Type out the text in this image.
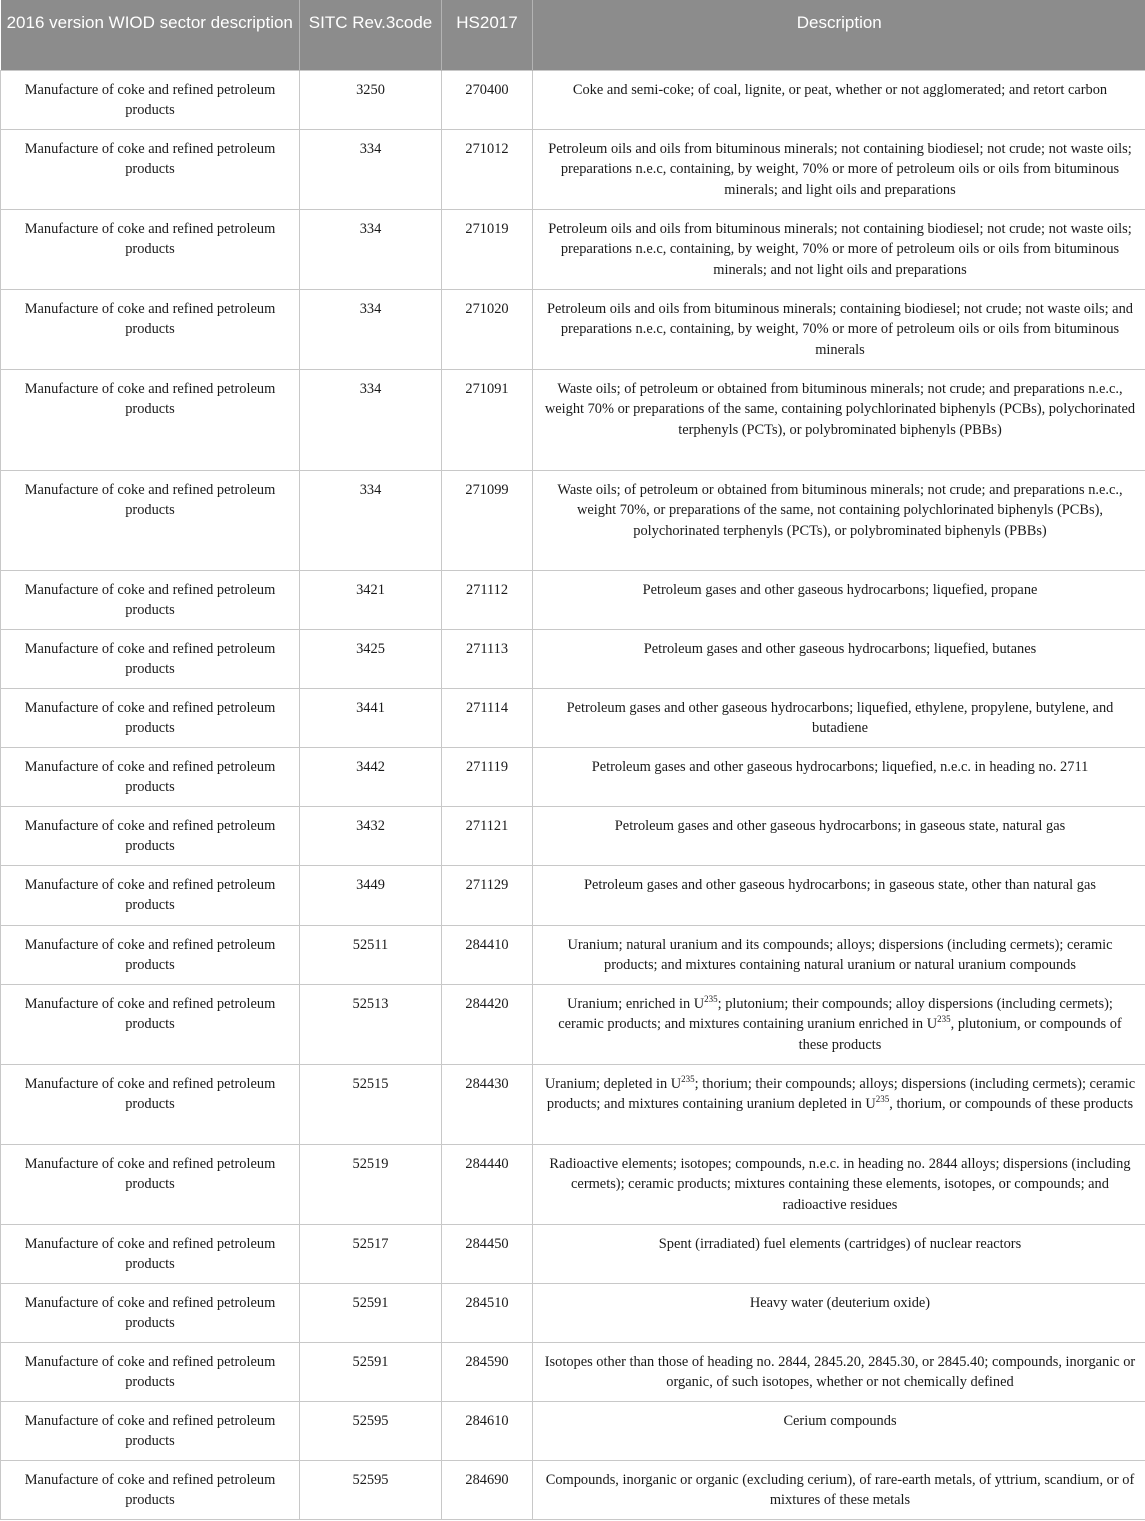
2016 version WIOD sector description	SITC Rev.3code	HS2017	Description
Manufacture of coke and refined petroleum products	3250	270400	Coke and semi-coke; of coal, lignite, or peat, whether or not agglomerated; and retort carbon
Manufacture of coke and refined petroleum products	334	271012	Petroleum oils and oils from bituminous minerals; not containing biodiesel; not crude; not waste oils; preparations n.e.c, containing, by weight, 70% or more of petroleum oils or oils from bituminous minerals; and light oils and preparations
Manufacture of coke and refined petroleum products	334	271019	Petroleum oils and oils from bituminous minerals; not containing biodiesel; not crude; not waste oils; preparations n.e.c, containing, by weight, 70% or more of petroleum oils or oils from bituminous minerals; and not light oils and preparations
Manufacture of coke and refined petroleum products	334	271020	Petroleum oils and oils from bituminous minerals; containing biodiesel; not crude; not waste oils; and preparations n.e.c, containing, by weight, 70% or more of petroleum oils or oils from bituminous minerals
Manufacture of coke and refined petroleum products	334	271091	Waste oils; of petroleum or obtained from bituminous minerals; not crude; and preparations n.e.c., weight 70% or preparations of the same, containing polychlorinated biphenyls (PCBs), polychorinated terphenyls (PCTs), or polybrominated biphenyls (PBBs)
Manufacture of coke and refined petroleum products	334	271099	Waste oils; of petroleum or obtained from bituminous minerals; not crude; and preparations n.e.c., weight 70%, or preparations of the same, not containing polychlorinated biphenyls (PCBs), polychorinated terphenyls (PCTs), or polybrominated biphenyls (PBBs)
Manufacture of coke and refined petroleum products	3421	271112	Petroleum gases and other gaseous hydrocarbons; liquefied, propane
Manufacture of coke and refined petroleum products	3425	271113	Petroleum gases and other gaseous hydrocarbons; liquefied, butanes
Manufacture of coke and refined petroleum products	3441	271114	Petroleum gases and other gaseous hydrocarbons; liquefied, ethylene, propylene, butylene, and butadiene
Manufacture of coke and refined petroleum products	3442	271119	Petroleum gases and other gaseous hydrocarbons; liquefied, n.e.c. in heading no. 2711
Manufacture of coke and refined petroleum products	3432	271121	Petroleum gases and other gaseous hydrocarbons; in gaseous state, natural gas
Manufacture of coke and refined petroleum products	3449	271129	Petroleum gases and other gaseous hydrocarbons; in gaseous state, other than natural gas
Manufacture of coke and refined petroleum products	52511	284410	Uranium; natural uranium and its compounds; alloys; dispersions (including cermets); ceramic products; and mixtures containing natural uranium or natural uranium compounds
Manufacture of coke and refined petroleum products	52513	284420	Uranium; enriched in $U^{235}$; plutonium; their compounds; alloy dispersions (including cermets); ceramic products; and mixtures containing uranium enriched in $U^{235}$, plutonium, or compounds of these products
Manufacture of coke and refined petroleum products	52515	284430	Uranium; depleted in $U^{235}$; thorium; their compounds; alloys; dispersions (including cermets); ceramic products; and mixtures containing uranium depleted in $U^{235}$, thorium, or compounds of these products
Manufacture of coke and refined petroleum products	52519	284440	Radioactive elements; isotopes; compounds, n.e.c. in heading no. 2844 alloys; dispersions (including cermets); ceramic products; mixtures containing these elements, isotopes, or compounds; and radioactive residues
Manufacture of coke and refined petroleum products	52517	284450	Spent (irradiated) fuel elements (cartridges) of nuclear reactors
Manufacture of coke and refined petroleum products	52591	284510	Heavy water (deuterium oxide)
Manufacture of coke and refined petroleum products	52591	284590	Isotopes other than those of heading no. 2844, 2845.20, 2845.30, or 2845.40; compounds, inorganic or organic, of such isotopes, whether or not chemically defined
Manufacture of coke and refined petroleum products	52595	284610	Cerium compounds
Manufacture of coke and refined petroleum products	52595	284690	Compounds, inorganic or organic (excluding cerium), of rare-earth metals, of yttrium, scandium, or of mixtures of these metals
